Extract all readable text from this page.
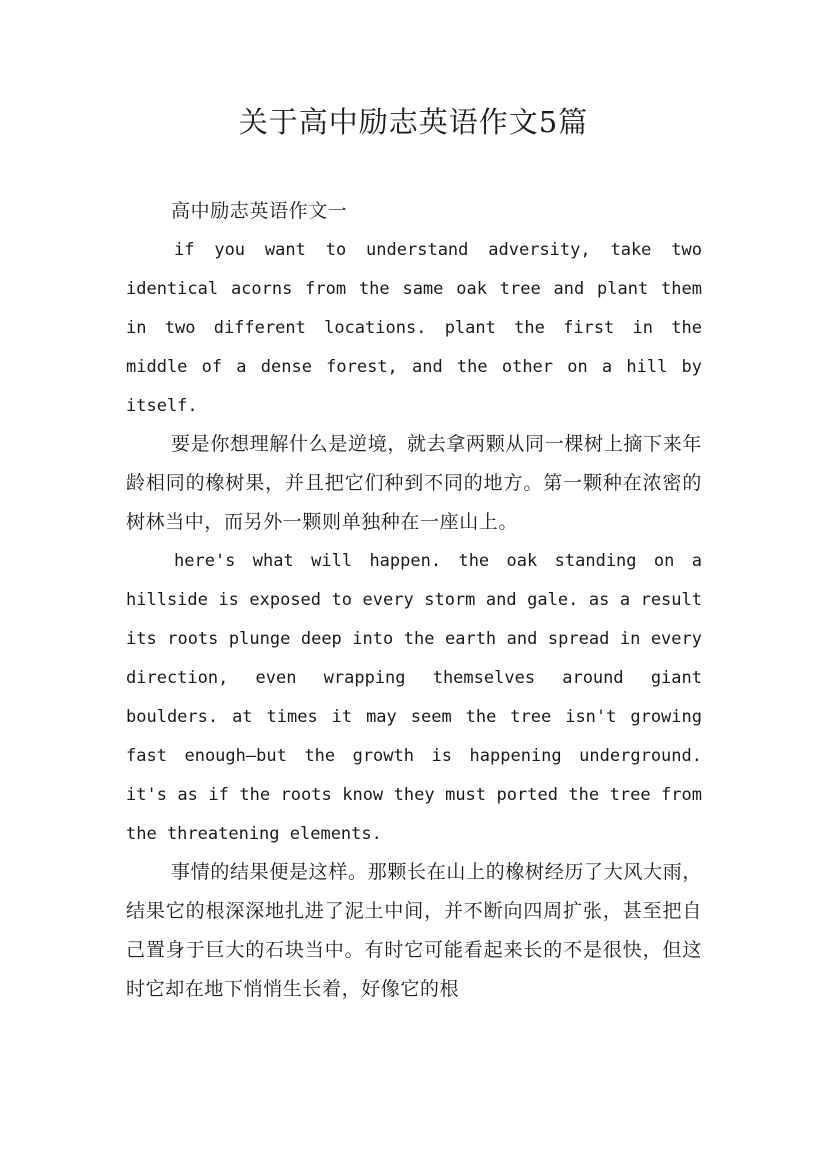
关于高中励志英语作文5篇

高中励志英语作文一

if you want to understand adversity, take two identical acorns from the same oak tree and plant them in two different locations. plant the first in the middle of a dense forest, and the other on a hill by itself.

要是你想理解什么是逆境，就去拿两颗从同一棵树上摘下来年龄相同的橡树果，并且把它们种到不同的地方。第一颗种在浓密的树林当中，而另外一颗则单独种在一座山上。

here's what will happen. the oak standing on a hillside is exposed to every storm and gale. as a result its roots plunge deep into the earth and spread in every direction, even wrapping themselves around giant boulders. at times it may seem the tree isn't growing fast enough—but the growth is happening underground. it's as if the roots know they must ported the tree from the threatening elements.

事情的结果便是这样。那颗长在山上的橡树经历了大风大雨，结果它的根深深地扎进了泥土中间，并不断向四周扩张，甚至把自己置身于巨大的石块当中。有时它可能看起来长的不是很快，但这时它却在地下悄悄生长着，好像它的根
